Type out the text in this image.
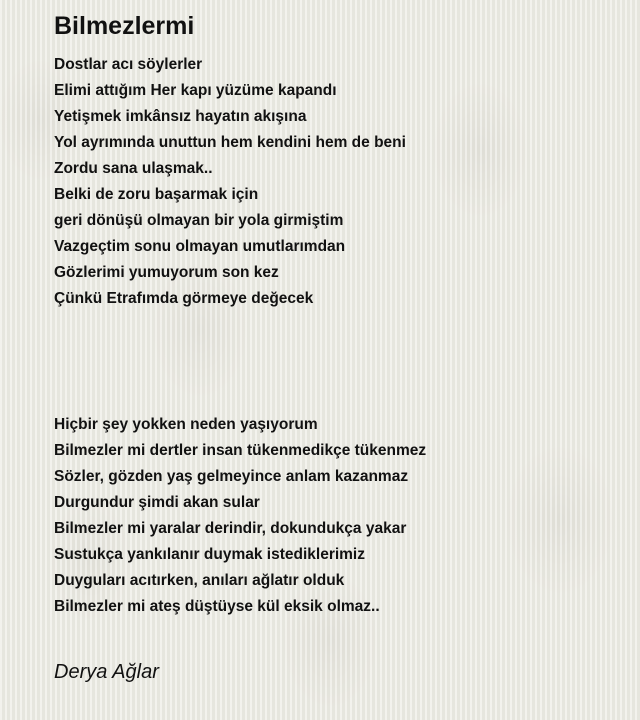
Bilmezlermi
Dostlar acı söylerler
Elimi attığım Her kapı yüzüme kapandı
Yetişmek imkânsız hayatın akışına
Yol ayrımında unuttun hem kendini hem de beni
Zordu sana ulaşmak..
Belki de zoru başarmak için
geri dönüşü olmayan bir yola girmiştim
Vazgeçtim sonu olmayan umutlarımdan
Gözlerimi yumuyorum son kez
Çünkü Etrafımda görmeye değecek
Hiçbir şey yokken neden yaşıyorum
Bilmezler mi dertler insan tükenmedikçe tükenmez
Sözler, gözden yaş gelmeyince anlam kazanmaz
Durgundur şimdi akan sular
Bilmezler mi yaralar derindir, dokundukça yakar
Sustukça yankılanır duymak istediklerimiz
Duyguları acıtırken, anıları ağlatır olduk
Bilmezler mi ateş düştüyse kül eksik olmaz..
Derya Ağlar
